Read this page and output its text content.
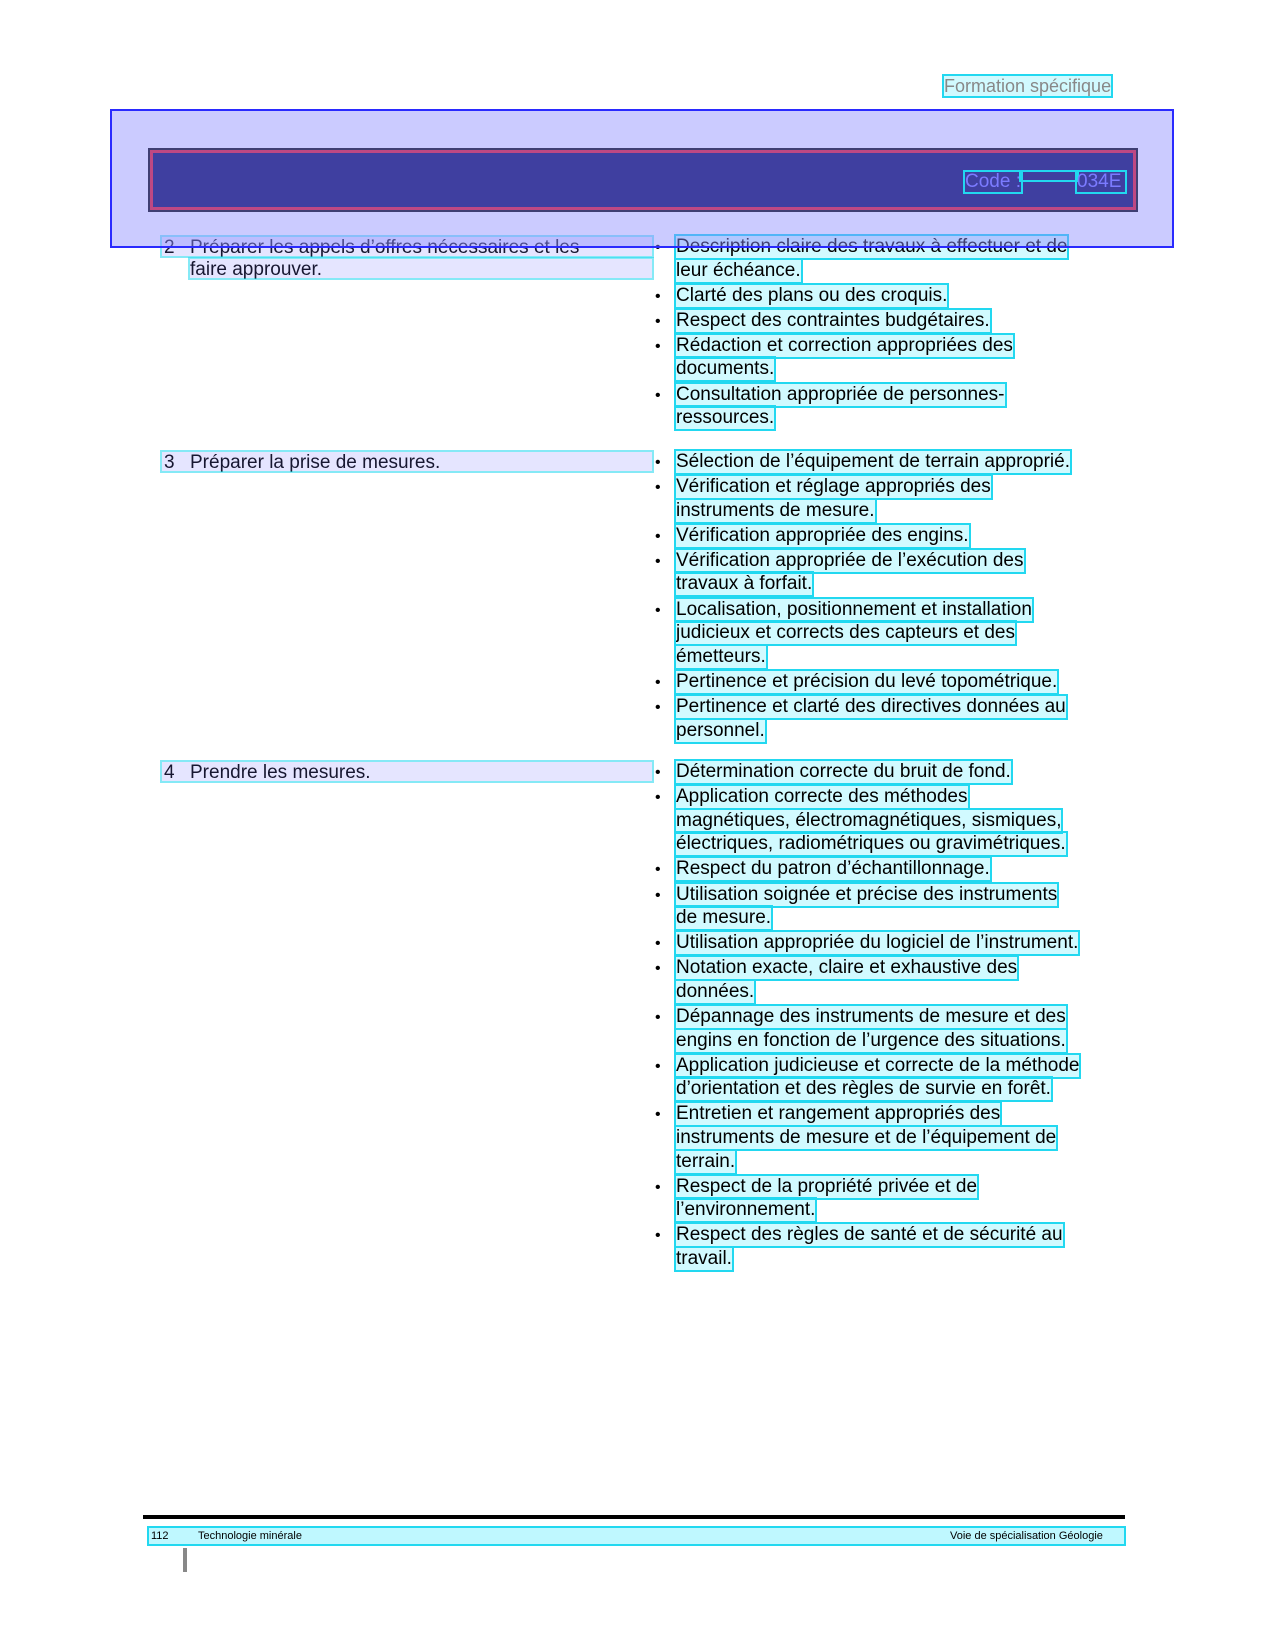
Formation spécifique
Code :	034E
2 Préparer les appels d’offres nécessaires et les
faire approuver.
• Description claire des travaux à effectuer et de
leur échéance.
• Clarté des plans ou des croquis.
• Respect des contraintes budgétaires.
• Rédaction et correction appropriées des
documents.
• Consultation appropriée de personnes-
ressources.
3 Préparer la prise de mesures.	• Sélection de l’équipement de terrain approprié.
• Vérification et réglage appropriés des
instruments de mesure.
• Vérification appropriée des engins.
• Vérification appropriée de l’exécution des
travaux à forfait.
• Localisation, positionnement et installation
judicieux et corrects des capteurs et des
émetteurs.
• Pertinence et précision du levé topométrique.
• Pertinence et clarté des directives données au
personnel.
4 Prendre les mesures.	• Détermination correcte du bruit de fond.
• Application correcte des méthodes
magnétiques, électromagnétiques, sismiques,
électriques, radiométriques ou gravimétriques.
• Respect du patron d’échantillonnage.
• Utilisation soignée et précise des instruments
de mesure.
• Utilisation appropriée du logiciel de l’instrument.
• Notation exacte, claire et exhaustive des
données.
• Dépannage des instruments de mesure et des
engins en fonction de l’urgence des situations.
• Application judicieuse et correcte de la méthode
d’orientation et des règles de survie en forêt.
• Entretien et rangement appropriés des
instruments de mesure et de l’équipement de
terrain.
• Respect de la propriété privée et de
l’environnement.
• Respect des règles de santé et de sécurité au
travail.
112	Technologie minérale	Voie de spécialisation Géologie
